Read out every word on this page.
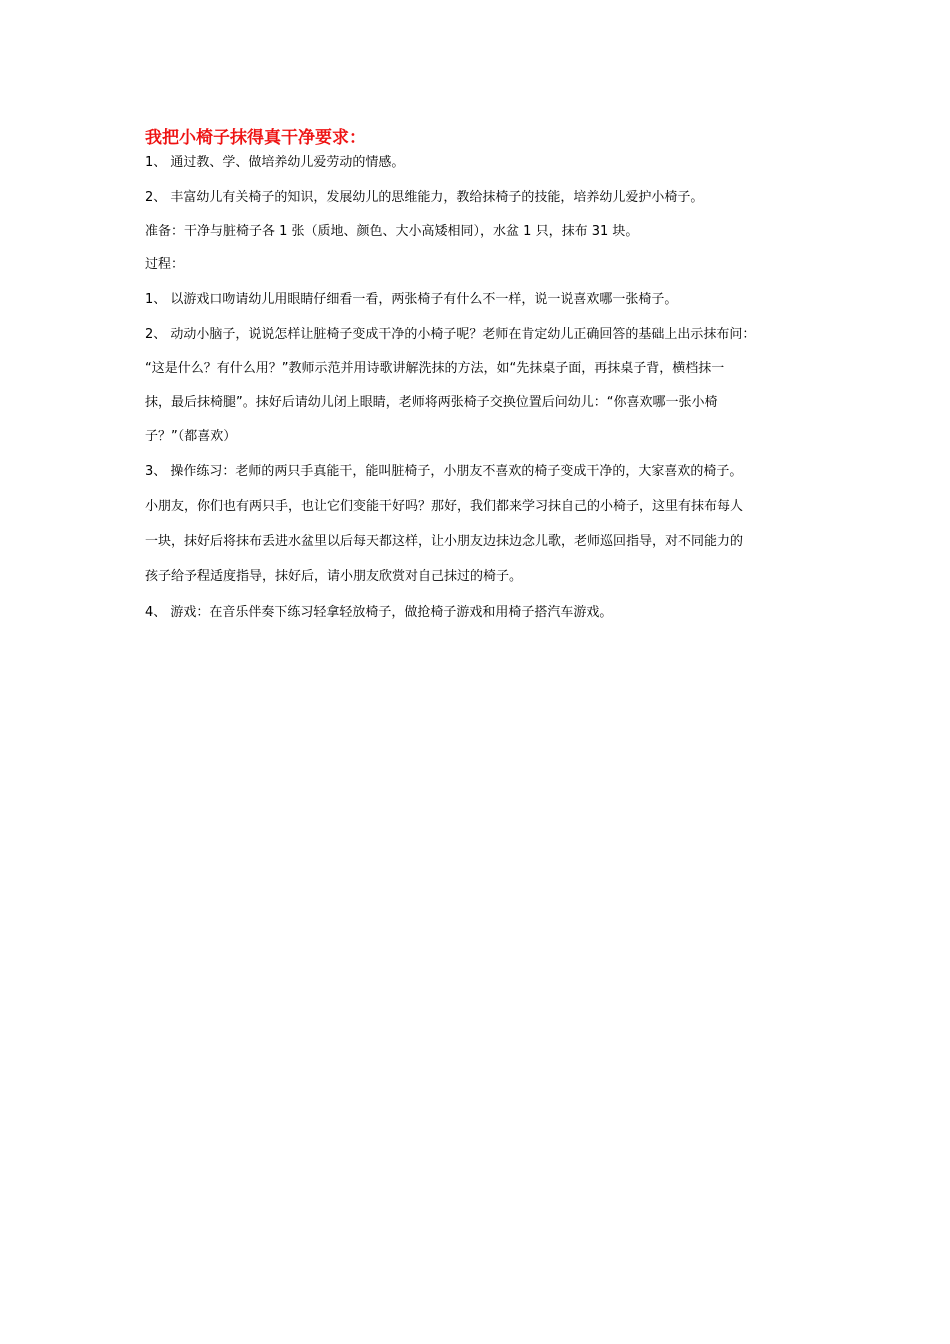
我把小椅子抹得真干净要求：

1、 通过教、学、做培养幼儿爱劳动的情感。

2、 丰富幼儿有关椅子的知识，发展幼儿的思维能力，教给抹椅子的技能，培养幼儿爱护小椅子。

准备：干净与脏椅子各 1 张（质地、颜色、大小高矮相同），水盆 1 只，抹布 31 块。

过程：

1、 以游戏口吻请幼儿用眼睛仔细看一看，两张椅子有什么不一样，说一说喜欢哪一张椅子。

2、 动动小脑子，说说怎样让脏椅子变成干净的小椅子呢？老师在肯定幼儿正确回答的基础上出示抹布问：

“这是什么？有什么用？”教师示范并用诗歌讲解洗抹的方法，如“先抹桌子面，再抹桌子背，横档抹一

抹，最后抹椅腿”。抹好后请幼儿闭上眼睛，老师将两张椅子交换位置后问幼儿：“你喜欢哪一张小椅

子？”（都喜欢）

3、 操作练习：老师的两只手真能干，能叫脏椅子，小朋友不喜欢的椅子变成干净的，大家喜欢的椅子。

小朋友，你们也有两只手，也让它们变能干好吗？那好，我们都来学习抹自己的小椅子，这里有抹布每人

一块，抹好后将抹布丢进水盆里以后每天都这样，让小朋友边抹边念儿歌，老师巡回指导，对不同能力的

孩子给予程适度指导，抹好后，请小朋友欣赏对自己抹过的椅子。

4、 游戏：在音乐伴奏下练习轻拿轻放椅子，做抢椅子游戏和用椅子搭汽车游戏。
